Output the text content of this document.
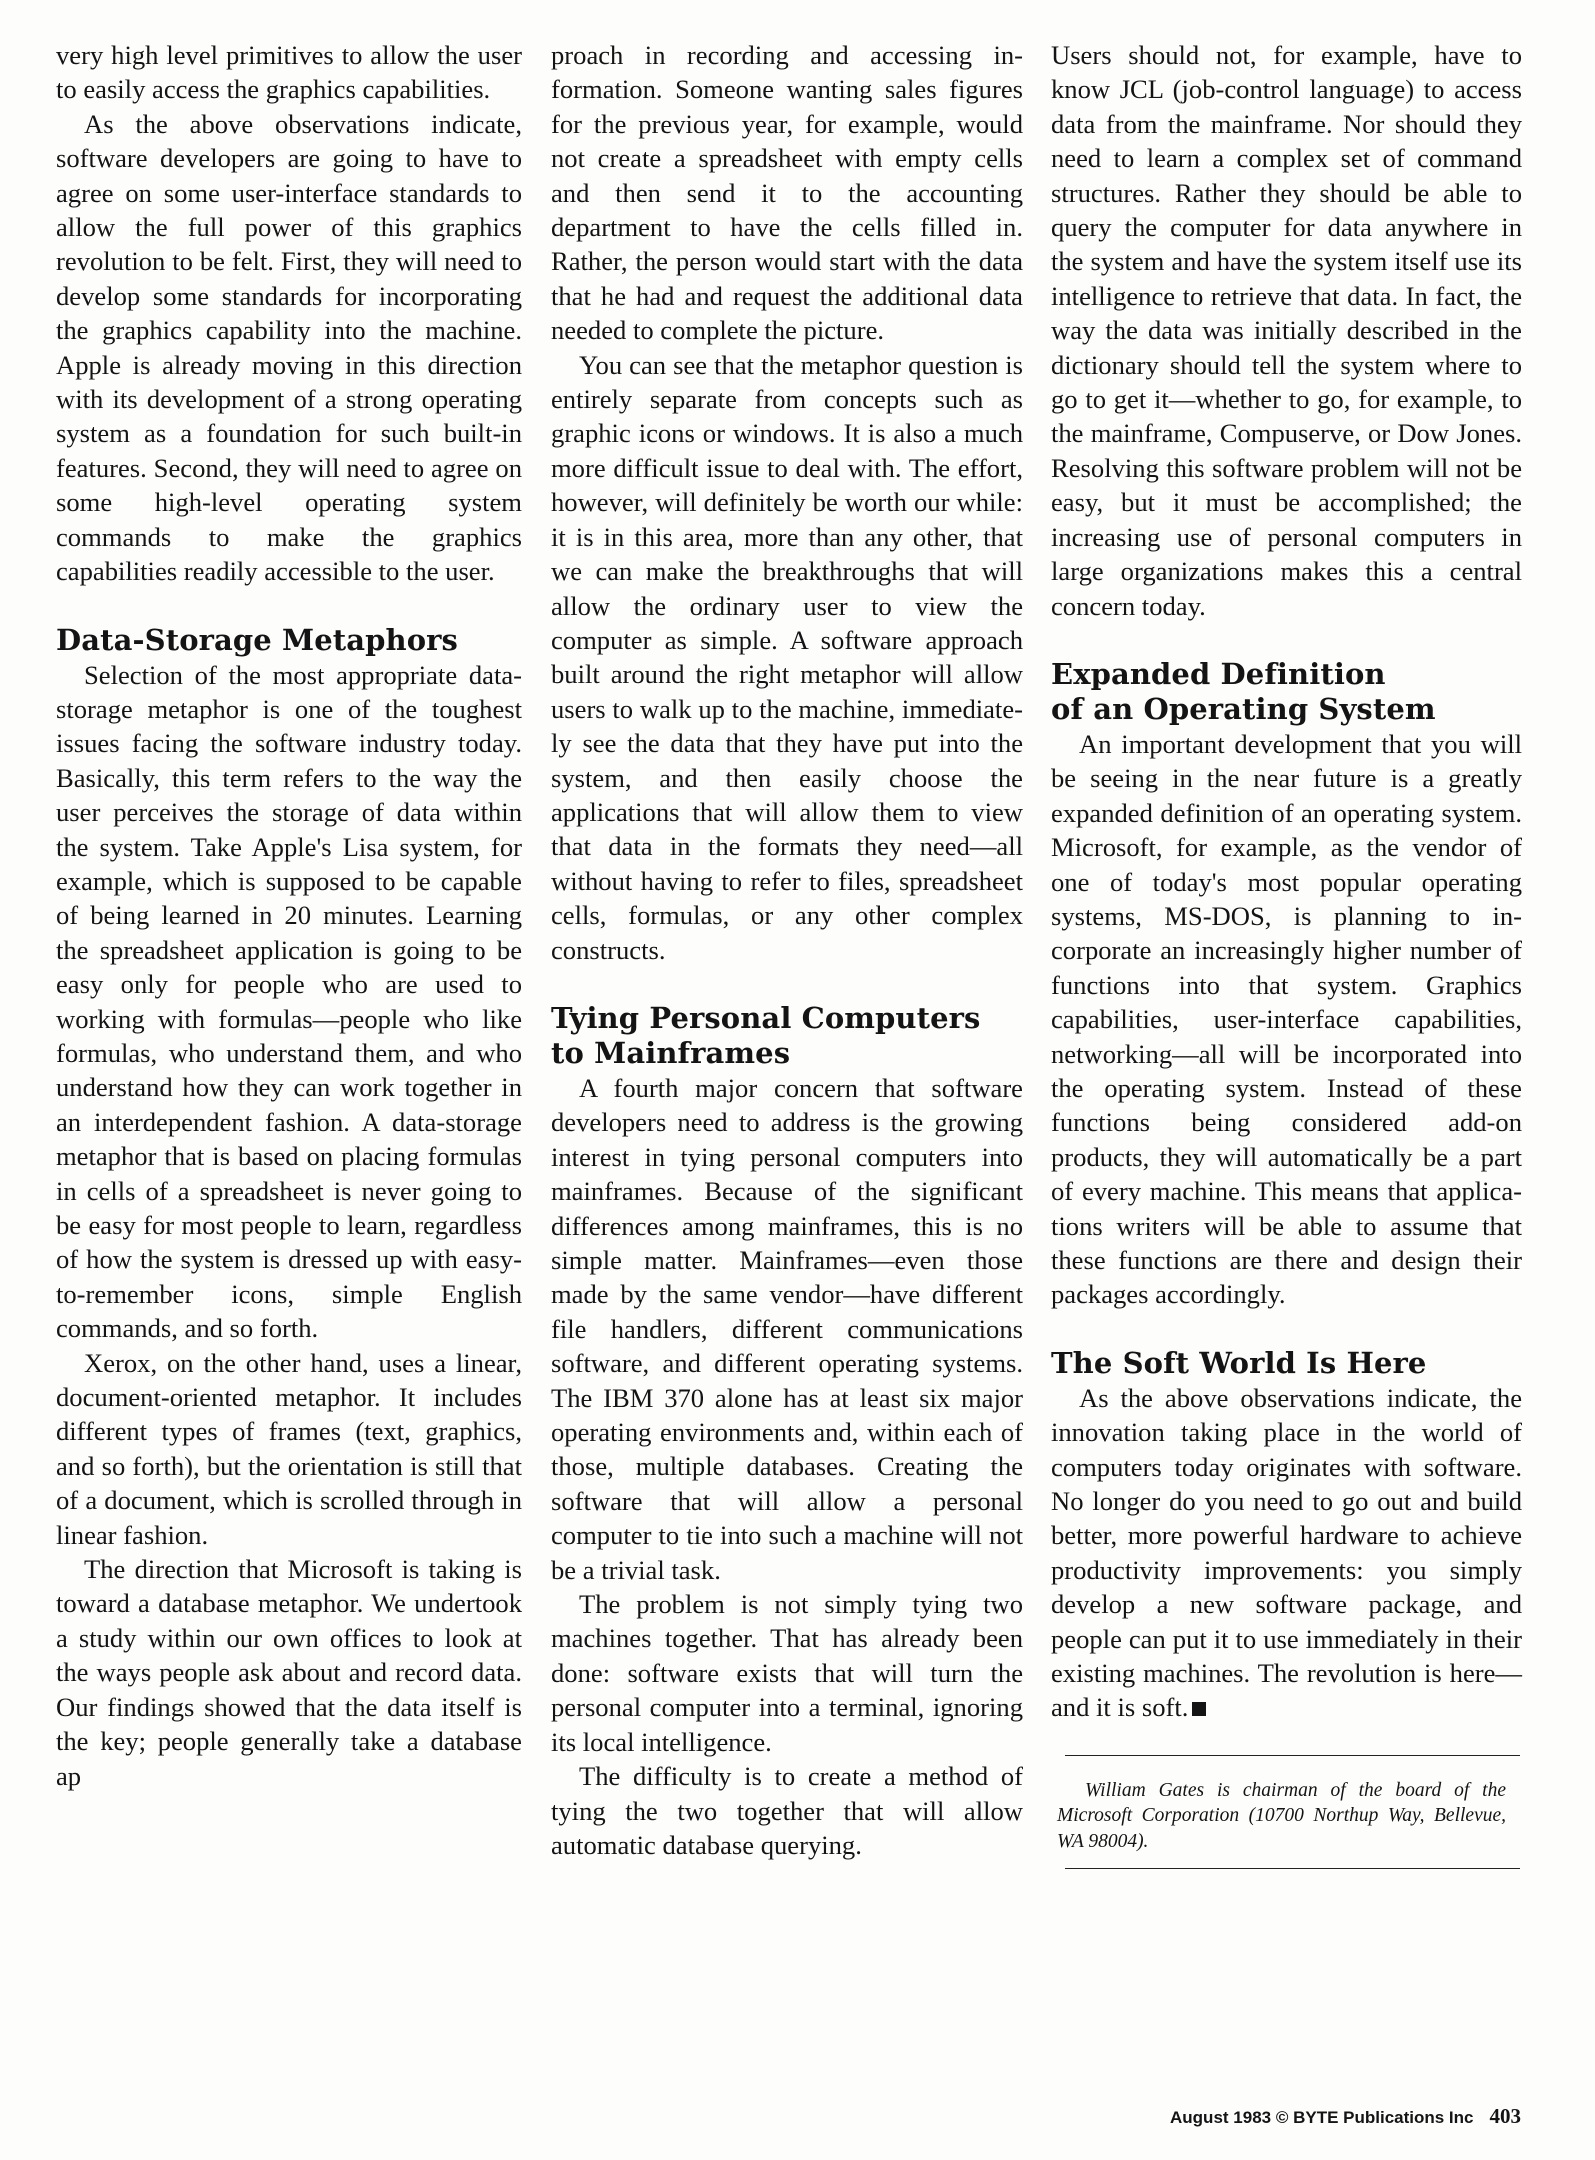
very high level primitives to allow the user to easily access the graphics capabilities.

As the above observations indicate, software developers are going to have to agree on some user-interface standards to allow the full power of this graphics revolution to be felt. First, they will need to develop some standards for incorporating the graphics capability into the machine. Apple is already moving in this direction with its development of a strong operating system as a foundation for such built-in features. Second, they will need to agree on some high-level operating system commands to make the graphics capabilities readily accessible to the user.

Data-Storage Metaphors

Selection of the most appropriate data-storage metaphor is one of the toughest issues facing the software industry today. Basically, this term refers to the way the user perceives the storage of data within the system. Take Apple's Lisa system, for example, which is supposed to be capable of being learned in 20 minutes. Learning the spreadsheet application is going to be easy only for people who are used to working with formulas—people who like formulas, who understand them, and who understand how they can work together in an interdependent fashion. A data-storage metaphor that is based on placing formulas in cells of a spreadsheet is never going to be easy for most people to learn, regardless of how the system is dressed up with easy-to-remember icons, simple English commands, and so forth.

Xerox, on the other hand, uses a linear, document-oriented metaphor. It includes different types of frames (text, graphics, and so forth), but the orientation is still that of a document, which is scrolled through in linear fashion.

The direction that Microsoft is taking is toward a database metaphor. We undertook a study within our own offices to look at the ways people ask about and record data. Our findings showed that the data itself is the key; people generally take a database ap

proach in recording and accessing information. Someone wanting sales figures for the previous year, for example, would not create a spreadsheet with empty cells and then send it to the accounting department to have the cells filled in. Rather, the person would start with the data that he had and request the additional data needed to complete the picture.

You can see that the metaphor question is entirely separate from concepts such as graphic icons or windows. It is also a much more difficult issue to deal with. The effort, however, will definitely be worth our while: it is in this area, more than any other, that we can make the breakthroughs that will allow the ordinary user to view the computer as simple. A software approach built around the right metaphor will allow users to walk up to the machine, immediately see the data that they have put into the system, and then easily choose the applications that will allow them to view that data in the formats they need—all without having to refer to files, spreadsheet cells, formulas, or any other complex constructs.

Tying Personal Computers
to Mainframes

A fourth major concern that software developers need to address is the growing interest in tying personal computers into mainframes. Because of the significant differences among mainframes, this is no simple matter. Mainframes—even those made by the same vendor—have different file handlers, different communications software, and different operating systems. The IBM 370 alone has at least six major operating environments and, within each of those, multiple databases. Creating the software that will allow a personal computer to tie into such a machine will not be a trivial task.

The problem is not simply tying two machines together. That has already been done: software exists that will turn the personal computer into a terminal, ignoring its local intelligence.

The difficulty is to create a method of tying the two together that will allow automatic database querying.

Users should not, for example, have to know JCL (job-control language) to access data from the mainframe. Nor should they need to learn a complex set of command structures. Rather they should be able to query the computer for data anywhere in the system and have the system itself use its intelligence to retrieve that data. In fact, the way the data was initially described in the dictionary should tell the system where to go to get it—whether to go, for example, to the mainframe, Compuserve, or Dow Jones. Resolving this software problem will not be easy, but it must be accomplished; the increasing use of personal computers in large organizations makes this a central concern today.

Expanded Definition
of an Operating System

An important development that you will be seeing in the near future is a greatly expanded definition of an operating system. Microsoft, for example, as the vendor of one of today's most popular operating systems, MS-DOS, is planning to incorporate an increasingly higher number of functions into that system. Graphics capabilities, user-interface capabilities, networking—all will be incorporated into the operating system. Instead of these functions being considered add-on products, they will automatically be a part of every machine. This means that applications writers will be able to assume that these functions are there and design their packages accordingly.

The Soft World Is Here

As the above observations indicate, the innovation taking place in the world of computers today originates with software. No longer do you need to go out and build better, more powerful hardware to achieve productivity improvements: you simply develop a new software package, and people can put it to use immediately in their existing machines. The revolution is here—and it is soft.

William Gates is chairman of the board of the Microsoft Corporation (10700 Northup Way, Bellevue, WA 98004).

August 1983 © BYTE Publications Inc 403
